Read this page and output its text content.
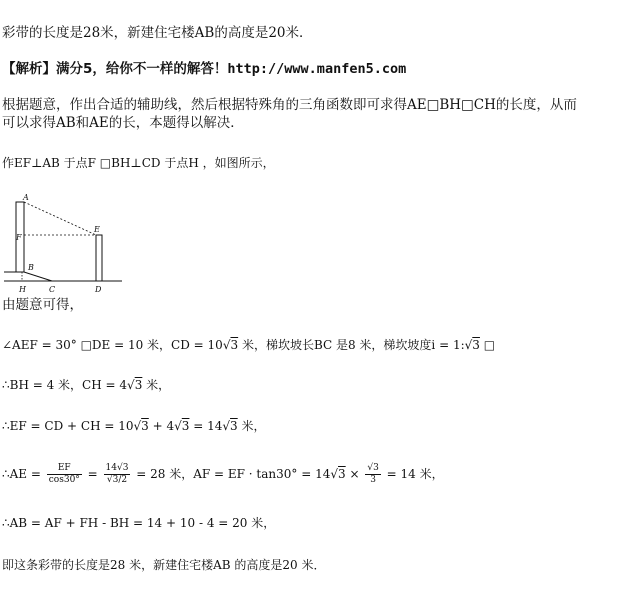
彩带的长度是28米，新建住宅楼AB的高度是20米．
【解析】满分5，给你不一样的解答！http://www.manfen5.com
根据题意，作出合适的辅助线，然后根据特殊角的三角函数即可求得AE□BH□CH的长度，从而
可以求得AB和AE的长，本题得以解决．
作EF⊥AB 于点F □BH⊥CD 于点H ，如图所示，
A
F
E
B
H	C	D
由题意可得，
∠AEF = 30° □DE = 10 米，CD = 10√3 米，梯坎坡长BC 是8 米，梯坎坡度i = 1:√3 □
∴BH = 4 米，CH = 4√3 米，
∴EF = CD + CH = 10√3 + 4√3 = 14√3 米，
∴AE = $\frac{EF}{\cos 30^\circ} = \frac{14√3}{√3/2} = 28$ 米，AF = EF · $\tan 30^\circ = 14√3 \times \frac{√3}{3} = 14$ 米，
∴AB = AF + FH - BH = 14 + 10 - 4 = 20 米，
即这条彩带的长度是28 米，新建住宅楼AB 的高度是20 米．
